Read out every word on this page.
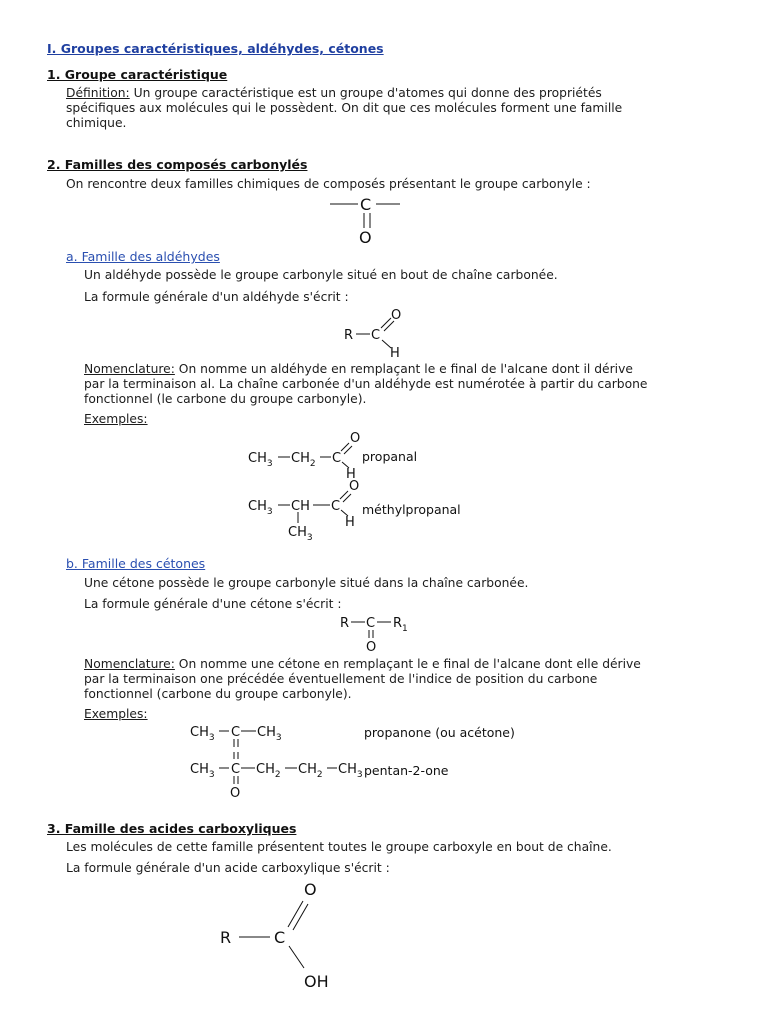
I. Groupes caractéristiques, aldéhydes, cétones
1. Groupe caractéristique
Définition: Un groupe caractéristique est un groupe d'atomes qui donne des propriétés
spécifiques aux molécules qui le possèdent. On dit que ces molécules forment une famille
chimique.
2. Familles des composés carbonylés
On rencontre deux familles chimiques de composés présentant le groupe carbonyle :
a. Famille des aldéhydes
Un aldéhyde possède le groupe carbonyle situé en bout de chaîne carbonée.
La formule générale d'un aldéhyde s'écrit :
Nomenclature: On nomme un aldéhyde en remplaçant le e final de l'alcane dont il dérive
par la terminaison al. La chaîne carbonée d'un aldéhyde est numérotée à partir du carbone
fonctionnel (le carbone du groupe carbonyle).
Exemples:
b. Famille des cétones
Une cétone possède le groupe carbonyle situé dans la chaîne carbonée.
La formule générale d'une cétone s'écrit :
Nomenclature: On nomme une cétone en remplaçant le e final de l'alcane dont elle dérive
par la terminaison one précédée éventuellement de l'indice de position du carbone
fonctionnel (carbone du groupe carbonyle).
Exemples:
3. Famille des acides carboxyliques
Les molécules de cette famille présentent toutes le groupe carboxyle en bout de chaîne.
La formule générale d'un acide carboxylique s'écrit :
C
O
R C
O
H
$CH_3$ $CH_2$ C
O
H
propanal
$CH_3$ CH
$CH_3$
C
O
H
méthylpropanal
R C $R_1$
O
$CH_3$ C $CH_3$	propanone (ou acétone)
$CH_3$ C $CH_2$ $CH_2$ $CH_3$
O
pentan-2-one
R	C
O
OH
